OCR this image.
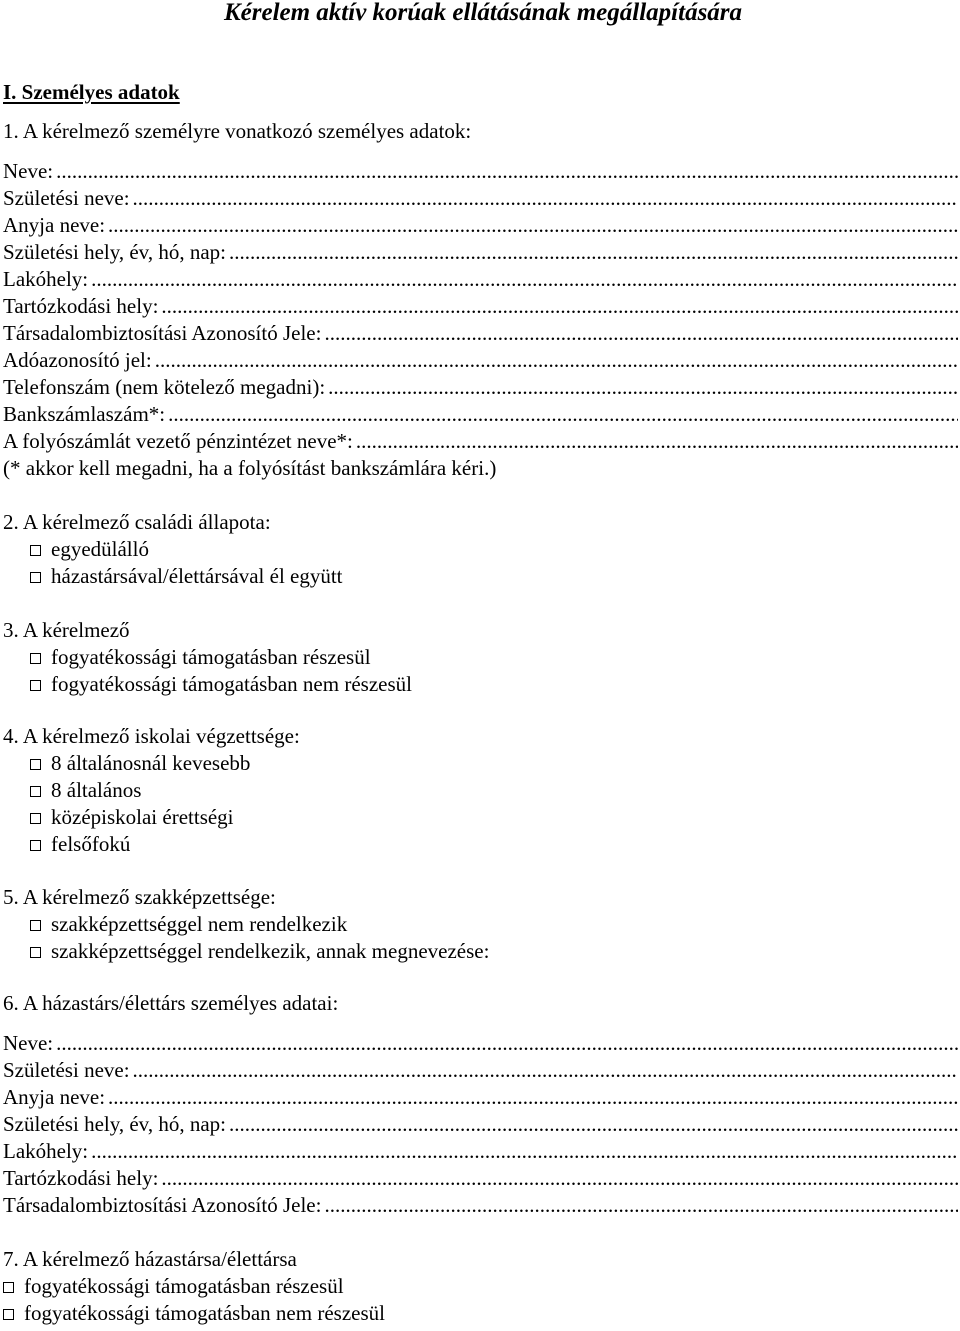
Kérelem aktív korúak ellátásának megállapítására
I. Személyes adatok
1. A kérelmező személyre vonatkozó személyes adatok:
Neve:
.....
Születési neve:
.....
Anyja neve:
.....
Születési hely, év, hó, nap:
.....
Lakóhely:
.....
Tartózkodási hely:
.....
Társadalombiztosítási Azonosító Jele:
.....
Adóazonosító jel:
.....
Telefonszám (nem kötelező megadni):
.....
Bankszámlaszám*:
.....
A folyószámlát vezető pénzintézet neve*:
.....
(* akkor kell megadni, ha a folyósítást bankszámlára kéri.)
2. A kérelmező családi állapota:
egyedülálló
házastársával/élettársával él együtt
3. A kérelmező
fogyatékossági támogatásban részesül
fogyatékossági támogatásban nem részesül
4. A kérelmező iskolai végzettsége:
8 általánosnál kevesebb
8 általános
középiskolai érettségi
felsőfokú
5. A kérelmező szakképzettsége:
szakképzettséggel nem rendelkezik
szakképzettséggel rendelkezik, annak megnevezése:
6. A házastárs/élettárs személyes adatai:
Neve:
.....
Születési neve:
.....
Anyja neve:
.....
Születési hely, év, hó, nap:
.....
Lakóhely:
.....
Tartózkodási hely:
.....
Társadalombiztosítási Azonosító Jele:
.....
7. A kérelmező házastársa/élettársa
fogyatékossági támogatásban részesül
fogyatékossági támogatásban nem részesül
